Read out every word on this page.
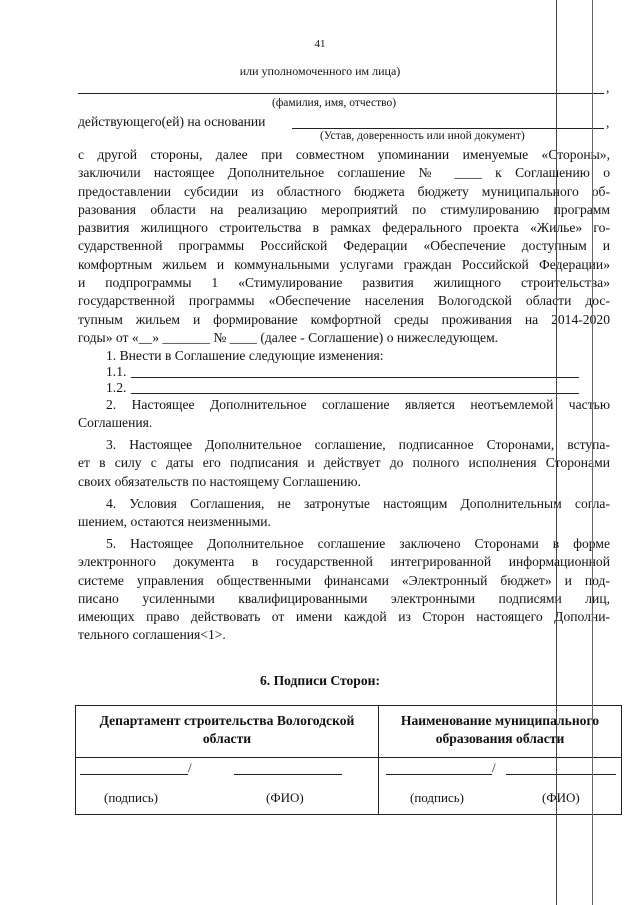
41
или уполномоченного им лица)
,
(фамилия, имя, отчество)
действующего(ей) на основании	,
(Устав, доверенность или иной документ)
с другой стороны, далее при совместном упоминании именуемые «Стороны»,
заключили настоящее Дополнительное соглашение № ____ к Соглашению о
предоставлении субсидии из областного бюджета бюджету муниципального об-
разования области на реализацию мероприятий по стимулированию программ
развития жилищного строительства в рамках федерального проекта «Жилье» го-
сударственной программы Российской Федерации «Обеспечение доступным и
комфортным жильем и коммунальными услугами граждан Российской Федерации»
и подпрограммы 1 «Стимулирование развития жилищного строительства»
государственной программы «Обеспечение населения Вологодской области дос-
тупным жильем и формирование комфортной среды проживания на 2014-2020
годы» от «__» _______ № ____ (далее - Соглашение) о нижеследующем.
1. Внести в Соглашение следующие изменения:
1.1.
1.2.
2. Настоящее Дополнительное соглашение является неотъемлемой частью
Соглашения.
3. Настоящее Дополнительное соглашение, подписанное Сторонами, вступа-
ет в силу с даты его подписания и действует до полного исполнения Сторонами
своих обязательств по настоящему Соглашению.
4. Условия Соглашения, не затронутые настоящим Дополнительным согла-
шением, остаются неизменными.
5. Настоящее Дополнительное соглашение заключено Сторонами в форме
электронного документа в государственной интегрированной информационной
системе управления общественными финансами «Электронный бюджет» и под-
писано усиленными квалифицированными электронными подписями лиц,
имеющих право действовать от имени каждой из Сторон настоящего Дополни-
тельного соглашения<1>.
6. Подписи Сторон:
Департамент строительства Вологодской
области
Наименование муниципального
образования области
/
(подпись)	(ФИО)
/
(подпись)	(ФИО)
